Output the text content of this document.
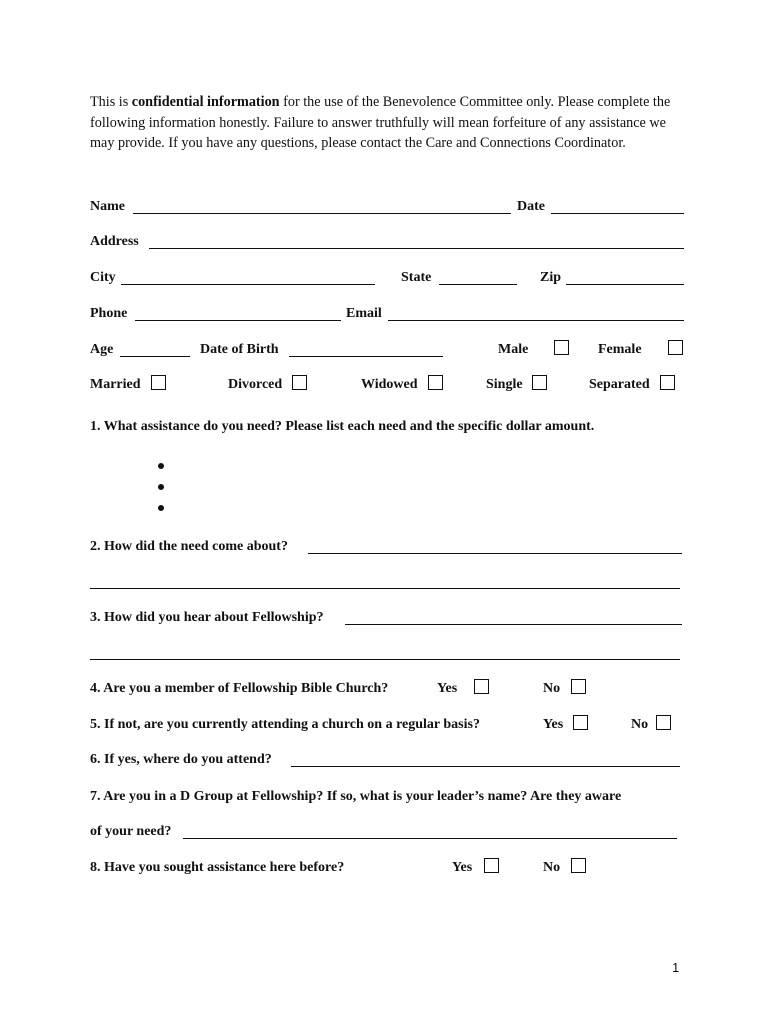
This is confidential information for the use of the Benevolence Committee only. Please complete the following information honestly. Failure to answer truthfully will mean forfeiture of any assistance we may provide. If you have any questions, please contact the Care and Connections Coordinator.
Name	Date
Address
City	State	Zip
Phone	Email
Age	Date of Birth	Male	Female
Married	Divorced	Widowed	Single	Separated
1. What assistance do you need? Please list each need and the specific dollar amount.
2. How did the need come about?
3. How did you hear about Fellowship?
4. Are you a member of Fellowship Bible Church?	Yes	No
5. If not, are you currently attending a church on a regular basis?	Yes	No
6. If yes, where do you attend?
7. Are you in a D Group at Fellowship? If so, what is your leader’s name? Are they aware
of your need?
8. Have you sought assistance here before?	Yes	No
1
